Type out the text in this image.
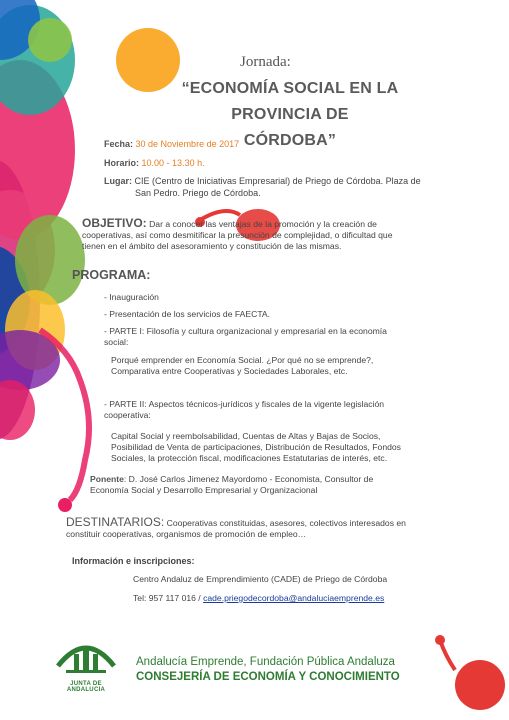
Jornada:
“ECONOMÍA SOCIAL EN LA PROVINCIA DE
CÓRDOBA”
Fecha: 30 de Noviembre de 2017
Horario: 10.00 - 13.30 h.
Lugar: CIE (Centro de Iniciativas Empresarial) de Priego de Córdoba. Plaza de
San Pedro. Priego de Córdoba.
OBJETIVO: Dar a conocer las ventajas de la promoción y la creación de
cooperativas, así como desmitificar la presunción de complejidad, o dificultad que
tienen en el ámbito del asesoramiento y constitución de las mismas.
PROGRAMA:
- Inauguración
- Presentación de los servicios de FAECTA.
- PARTE I: Filosofía y cultura organizacional y empresarial en la economía
social:
Porqué emprender en Economía Social. ¿Por qué no se emprende?,
Comparativa entre Cooperativas y Sociedades Laborales, etc.
- PARTE II: Aspectos técnicos-jurídicos y fiscales de la vigente legislación
cooperativa:
Capital Social y reembolsabilidad, Cuentas de Altas y Bajas de Socios,
Posibilidad de Venta de participaciones, Distribución de Resultados, Fondos
Sociales, la protección fiscal, modificaciones Estatutarias de interés, etc.
Ponente: D. José Carlos Jimenez Mayordomo - Economista, Consultor de
Economía Social y Desarrollo Empresarial y Organizacional
DESTINATARIOS: Cooperativas constituidas, asesores, colectivos interesados en
constituir cooperativas, organismos de promoción de empleo…
Información e inscripciones:
Centro Andaluz de Emprendimiento (CADE) de Priego de Córdoba
Tel: 957 117 016 / cade.priegodecordoba@andaluciaemprende.es
JUNTA DE ANDALUCIA
Andalucía Emprende, Fundación Pública Andaluza
CONSEJERÍA DE ECONOMÍA Y CONOCIMIENTO
